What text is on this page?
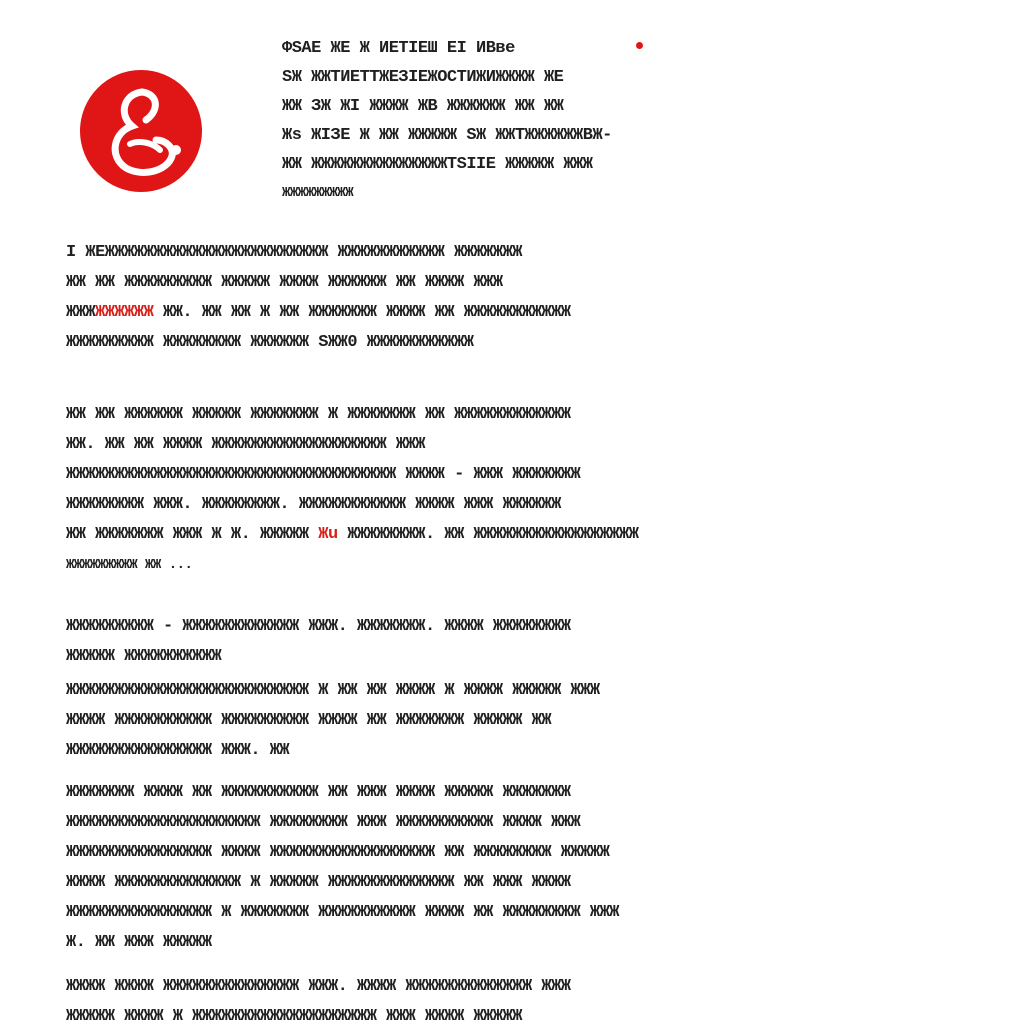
ФSAE ЖE Ж ИЕТIЕШ ЕI ИВве
SЖ ЖЖТИЕТТЖЕЗIЕЖОСТИЖИЖЖЖЖ ЖЕ
ЖЖ ЗЖ ЖI ЖЖЖЖ ЖВ ЖЖЖЖЖЖ ЖЖ ЖЖ
Жs ЖIЗЕ Ж ЖЖ ЖЖЖЖЖ SЖ ЖЖТЖЖЖЖЖЖВЖ-
ЖЖ ЖЖЖЖЖЖЖЖЖЖЖЖЖЖTSIIE ЖЖЖЖЖ ЖЖЖ
ЖЖЖЖЖЖЖЖЖ
I ЖЕЖЖЖЖЖЖЖЖЖЖЖЖЖЖЖЖЖЖЖЖЖЖЖ ЖЖЖЖЖЖЖЖЖЖЖ ЖЖЖЖЖЖЖ
ЖЖ ЖЖ ЖЖЖЖЖЖЖЖЖ ЖЖЖЖЖ ЖЖЖЖ ЖЖЖЖЖЖ ЖЖ ЖЖЖЖ ЖЖЖ
ЖЖЖЖЖЖЖЖЖ ЖЖ. ЖЖ ЖЖ Ж ЖЖ ЖЖЖЖЖЖЖ ЖЖЖЖ ЖЖ ЖЖЖЖЖЖЖЖЖЖЖ
ЖЖЖЖЖЖЖЖЖ ЖЖЖЖЖЖЖЖ ЖЖЖЖЖЖ SЖЖ0 ЖЖЖЖЖЖЖЖЖЖЖ
ЖЖ ЖЖ ЖЖЖЖЖЖ ЖЖЖЖЖ ЖЖЖЖЖЖЖ Ж ЖЖЖЖЖЖЖ ЖЖ ЖЖЖЖЖЖЖЖЖЖЖЖ
ЖЖ. ЖЖ ЖЖ ЖЖЖЖ ЖЖЖЖЖЖЖЖЖЖЖЖЖЖЖЖЖЖ ЖЖЖ
ЖЖЖЖЖЖЖЖЖЖЖЖЖЖЖЖЖЖЖЖЖЖЖЖЖЖЖЖЖЖЖЖЖЖ ЖЖЖЖ - ЖЖЖ ЖЖЖЖЖЖЖ
ЖЖЖЖЖЖЖЖ ЖЖЖ. ЖЖЖЖЖЖЖЖ. ЖЖЖЖЖЖЖЖЖЖЖ ЖЖЖЖ ЖЖЖ ЖЖЖЖЖЖ
ЖЖ ЖЖЖЖЖЖЖ ЖЖЖ Ж Ж. ЖЖЖЖЖ Жu ЖЖЖЖЖЖЖЖ. ЖЖ ЖЖЖЖЖЖЖЖЖЖЖЖЖЖЖЖЖ
ЖЖЖЖЖЖЖЖЖ ЖЖ ...
ЖЖЖЖЖЖЖЖЖ - ЖЖЖЖЖЖЖЖЖЖЖЖ ЖЖЖ. ЖЖЖЖЖЖЖ. ЖЖЖЖ ЖЖЖЖЖЖЖЖ
ЖЖЖЖЖ ЖЖЖЖЖЖЖЖЖЖ
ЖЖЖЖЖЖЖЖЖЖЖЖЖЖЖЖЖЖЖЖЖЖЖЖЖ Ж ЖЖ ЖЖ ЖЖЖЖ Ж ЖЖЖЖ ЖЖЖЖЖ ЖЖЖ
ЖЖЖЖ ЖЖЖЖЖЖЖЖЖЖ ЖЖЖЖЖЖЖЖЖ ЖЖЖЖ ЖЖ ЖЖЖЖЖЖЖ ЖЖЖЖЖ ЖЖ
ЖЖЖЖЖЖЖЖЖЖЖЖЖЖЖ ЖЖЖ. ЖЖ
ЖЖЖЖЖЖЖ ЖЖЖЖ ЖЖ ЖЖЖЖЖЖЖЖЖЖ ЖЖ ЖЖЖ ЖЖЖЖ ЖЖЖЖЖ ЖЖЖЖЖЖЖ
ЖЖЖЖЖЖЖЖЖЖЖЖЖЖЖЖЖЖЖЖ ЖЖЖЖЖЖЖЖ ЖЖЖ ЖЖЖЖЖЖЖЖЖЖ ЖЖЖЖ ЖЖЖ
ЖЖЖЖЖЖЖЖЖЖЖЖЖЖЖ ЖЖЖЖ ЖЖЖЖЖЖЖЖЖЖЖЖЖЖЖЖЖ ЖЖ ЖЖЖЖЖЖЖЖ ЖЖЖЖЖ
ЖЖЖЖ ЖЖЖЖЖЖЖЖЖЖЖЖЖ Ж ЖЖЖЖЖ ЖЖЖЖЖЖЖЖЖЖЖЖЖ ЖЖ ЖЖЖ ЖЖЖЖ
ЖЖЖЖЖЖЖЖЖЖЖЖЖЖЖ Ж ЖЖЖЖЖЖЖ ЖЖЖЖЖЖЖЖЖЖ ЖЖЖЖ ЖЖ ЖЖЖЖЖЖЖЖ ЖЖЖ
Ж. ЖЖ ЖЖЖ ЖЖЖЖЖ
ЖЖЖЖ ЖЖЖЖ ЖЖЖЖЖЖЖЖЖЖЖЖЖЖ ЖЖЖ. ЖЖЖЖ ЖЖЖЖЖЖЖЖЖЖЖЖЖ ЖЖЖ
ЖЖЖЖЖ ЖЖЖЖ Ж ЖЖЖЖЖЖЖЖЖЖЖЖЖЖЖЖЖЖЖ ЖЖЖ ЖЖЖЖ ЖЖЖЖЖ
